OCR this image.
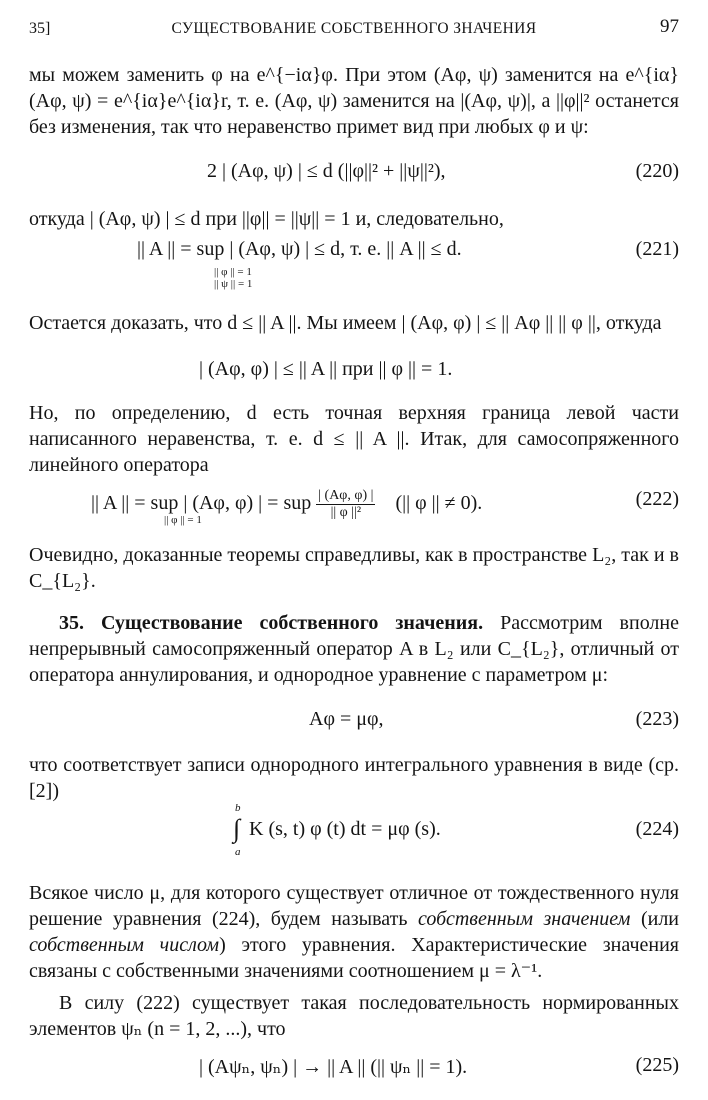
35]	СУЩЕСТВОВАНИЕ СОБСТВЕННОГО ЗНАЧЕНИЯ	97
мы можем заменить φ на e^{−iα}φ. При этом (Aφ, ψ) заменится на e^{iα}(Aφ, ψ) = e^{iα}e^{iα}r, т. е. (Aφ, ψ) заменится на |(Aφ, ψ)|, а ||φ||² останется без изменения, так что неравенство примет вид при любых φ и ψ:
2 | (Aφ, ψ) | ≤ d (||φ||² + ||ψ||²),	(220)
откуда | (Aφ, ψ) | ≤ d при ||φ|| = ||ψ|| = 1 и, следовательно,
|| A || = sup | (Aφ, ψ) | ≤ d, т. е. || A || ≤ d.
|| φ || = 1
|| ψ || = 1
(221)
Остается доказать, что d ≤ || A ||. Мы имеем | (Aφ, φ) | ≤ || Aφ || || φ ||, откуда
| (Aφ, φ) | ≤ || A || при || φ || = 1.
Но, по определению, d есть точная верхняя граница левой части написанного неравенства, т. е. d ≤ || A ||. Итак, для самосопряженного линейного оператора
|| A || = sup | (Aφ, φ) | = sup $\frac{| (A\varphi, \varphi) |}{\text{|| φ ||²}}$ (|| φ || ≠ 0).
|| φ || = 1
(222)
Очевидно, доказанные теоремы справедливы, как в пространстве L₂, так и в C_{L₂}.
35. Существование собственного значения. Рассмотрим вполне непрерывный самосопряженный оператор A в L₂ или C_{L₂}, отличный от оператора аннулирования, и однородное уравнение с параметром μ:
Aφ = μφ,	(223)
что соответствует записи однородного интегрального уравнения в виде (ср. [2])
b
∫
a
K (s, t) φ (t) dt = μφ (s).	(224)
Всякое число μ, для которого существует отличное от тождественного нуля решение уравнения (224), будем называть собственным значением (или собственным числом) этого уравнения. Характеристические значения связаны с собственными значениями соотношением μ = λ⁻¹.
В силу (222) существует такая последовательность нормированных элементов ψₙ (n = 1, 2, ...), что
| (Aψₙ, ψₙ) | → || A || (|| ψₙ || = 1).	(225)
